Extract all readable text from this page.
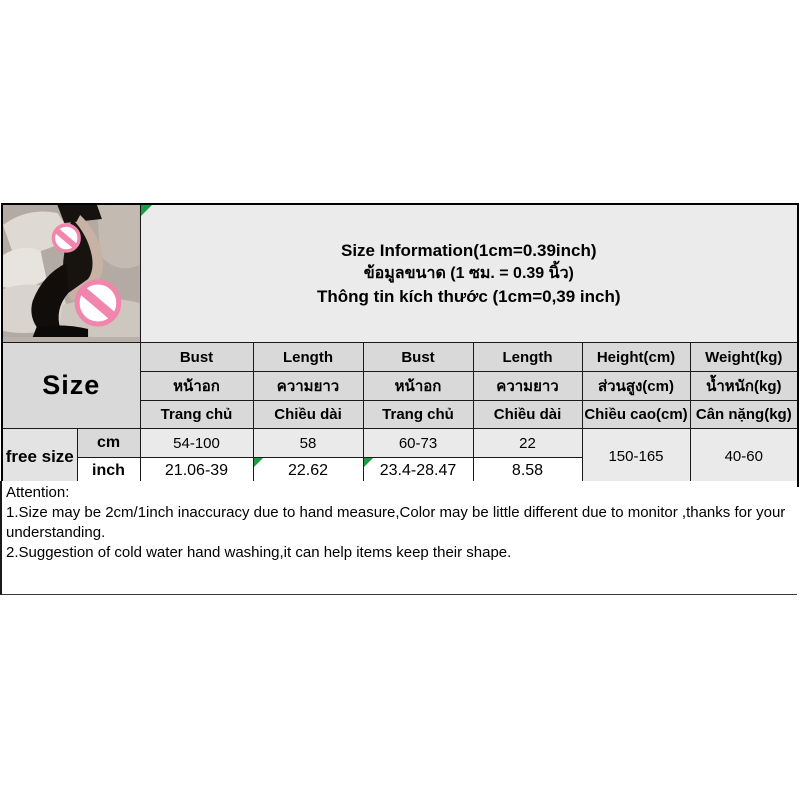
Size Information(1cm=0.39inch)
ข้อมูลขนาด (1 ซม. = 0.39 นิ้ว)
Thông tin kích thước (1cm=0,39 inch)					

Size		Bust	Length	Bust	Length	Height(cm)	Weight(kg)
		หน้าอก	ความยาว	หน้าอก	ความยาว	ส่วนสูง(cm)	น้ำหนัก(kg)
		Trang chủ	Chiều dài	Trang chủ	Chiều dài	Chiều cao(cm)	Cân nặng(kg)
free size	cm	54-100	58	60-73	22	150-165	40-60
	inch	21.06-39	22.62	23.4-28.47	8.58		
Attention:
1.Size may be 2cm/1inch inaccuracy due to hand measure,Color may be little different due to monitor ,thanks for your understanding.
2.Suggestion of cold water hand washing,it can help items keep their shape.
